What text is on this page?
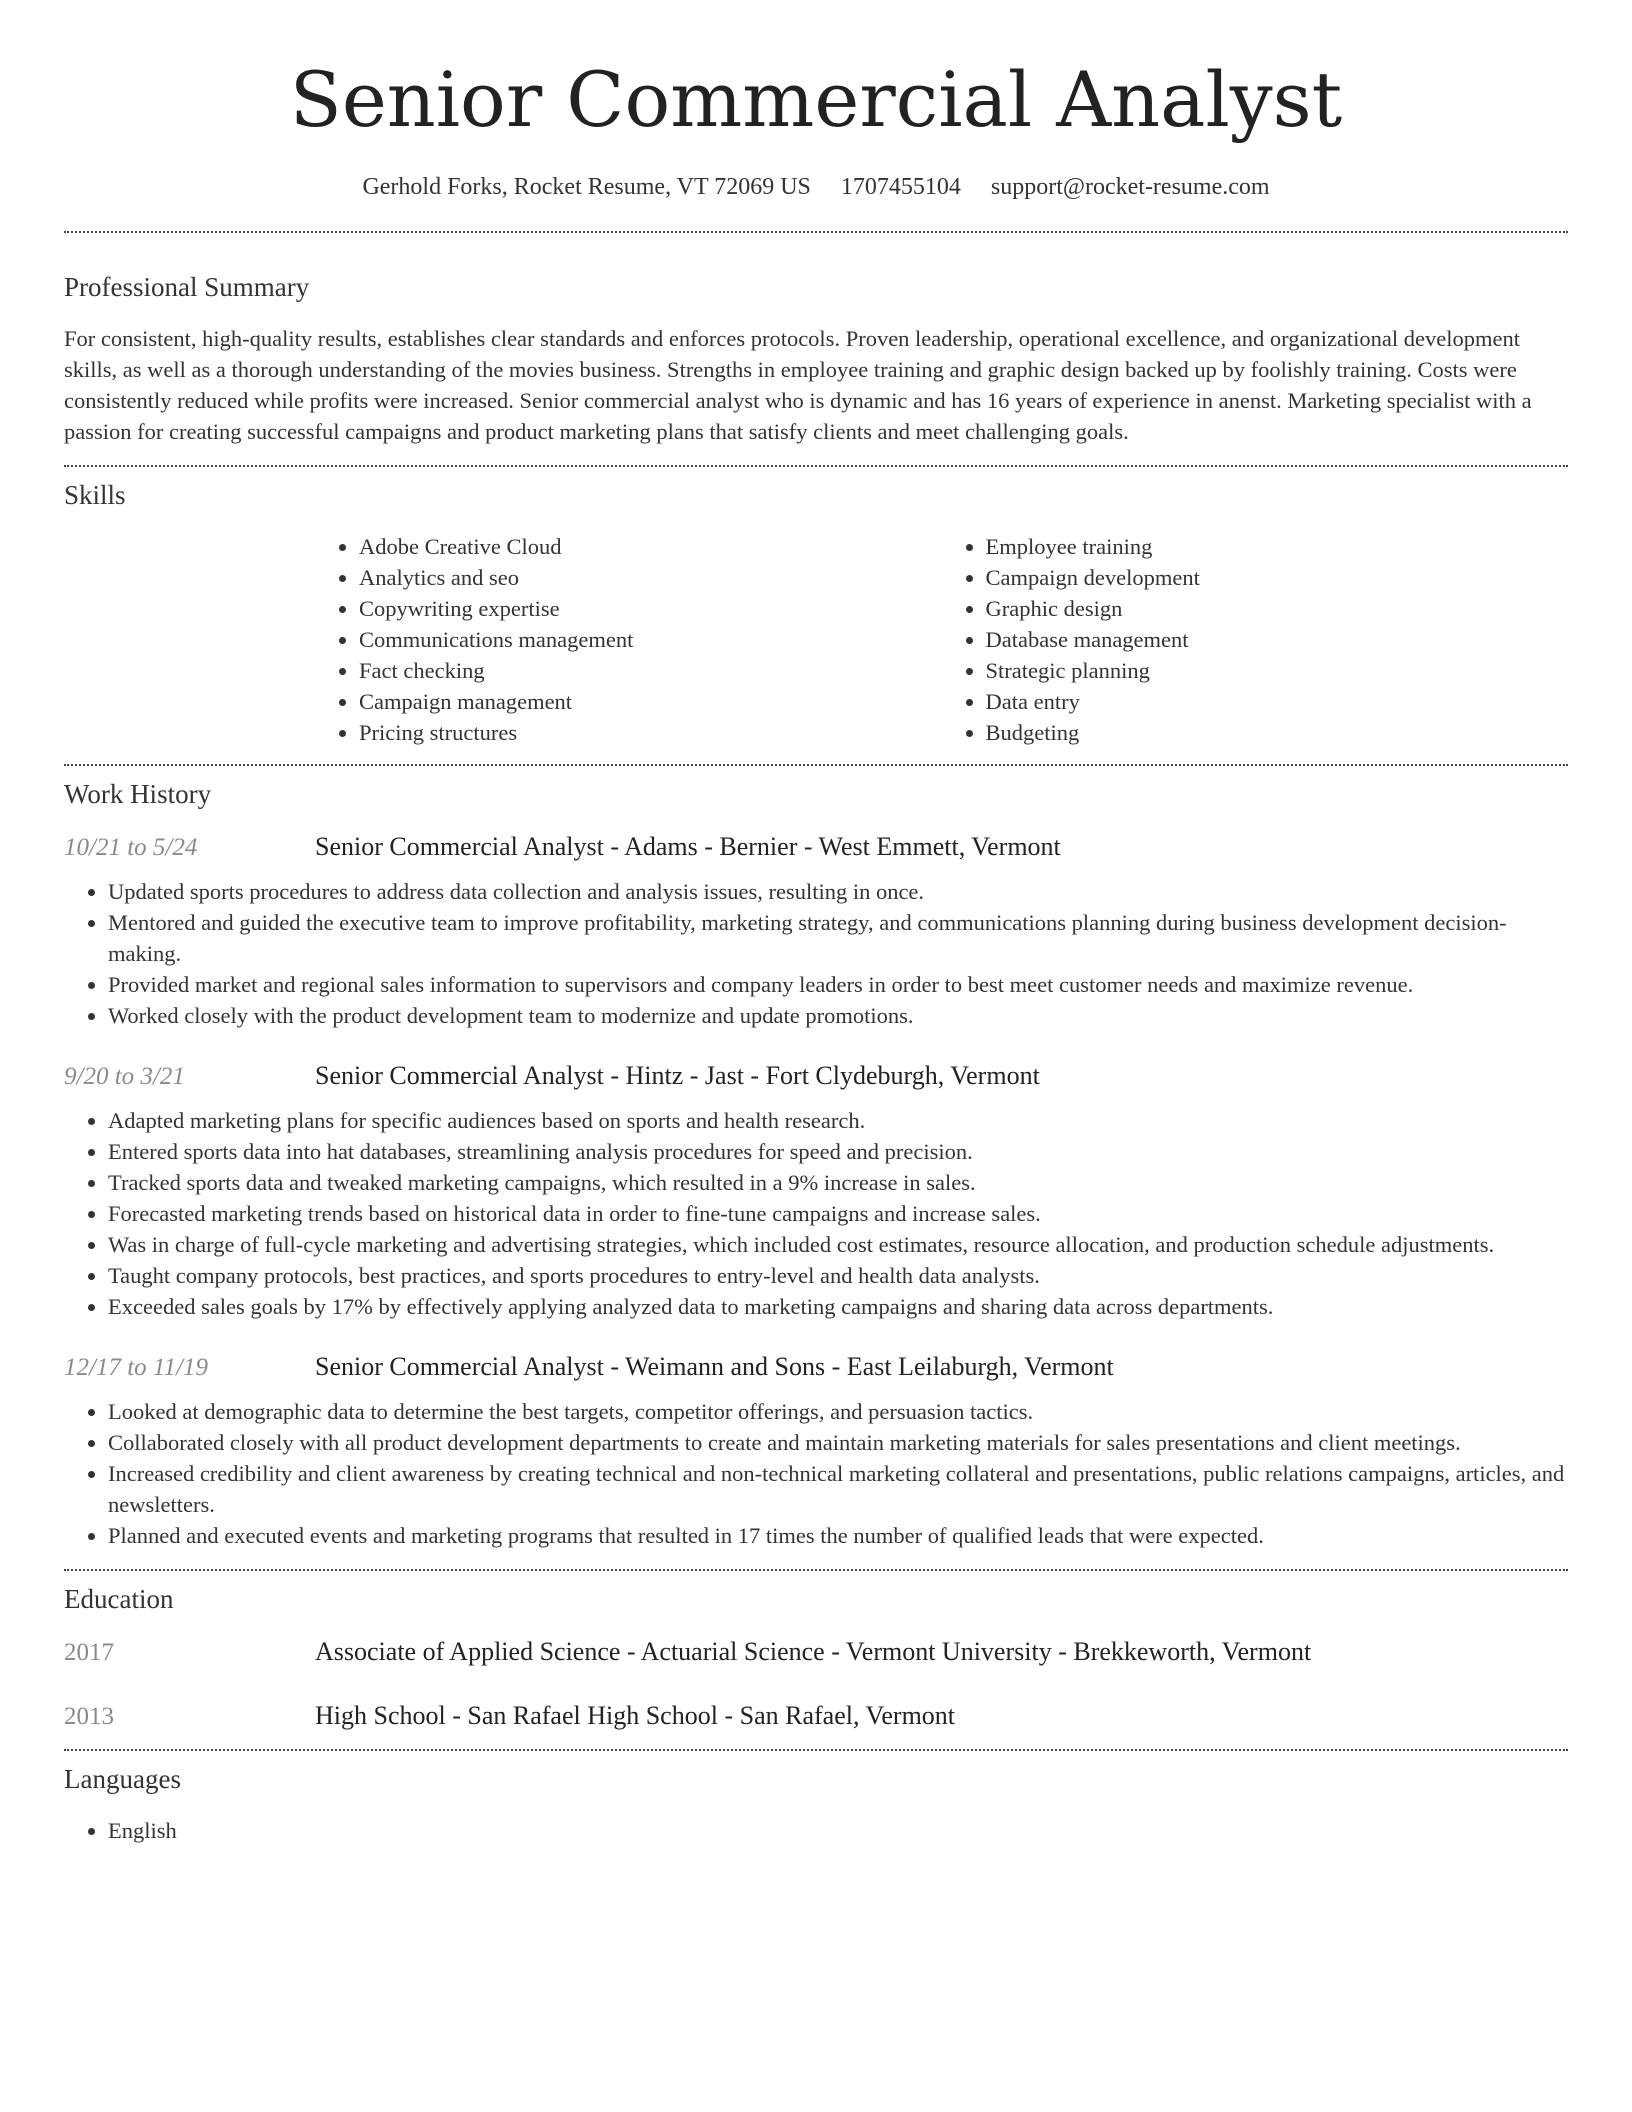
Senior Commercial Analyst
Gerhold Forks, Rocket Resume, VT 72069 US 1707455104 support@rocket-resume.com
Professional Summary

For consistent, high-quality results, establishes clear standards and enforces protocols. Proven leadership, operational excellence, and organizational development skills, as well as a thorough understanding of the movies business. Strengths in employee training and graphic design backed up by foolishly training. Costs were consistently reduced while profits were increased. Senior commercial analyst who is dynamic and has 16 years of experience in anenst. Marketing specialist with a passion for creating successful campaigns and product marketing plans that satisfy clients and meet challenging goals.

Skills
• Adobe Creative Cloud
• Analytics and seo
• Copywriting expertise
• Communications management
• Fact checking
• Campaign management
• Pricing structures
• Employee training
• Campaign development
• Graphic design
• Database management
• Strategic planning
• Data entry
• Budgeting
Work History
10/21 to 5/24	Senior Commercial Analyst - Adams - Bernier - West Emmett, Vermont
• Updated sports procedures to address data collection and analysis issues, resulting in once.
• Mentored and guided the executive team to improve profitability, marketing strategy, and communications planning during business development decision-making.
• Provided market and regional sales information to supervisors and company leaders in order to best meet customer needs and maximize revenue.
• Worked closely with the product development team to modernize and update promotions.
9/20 to 3/21	Senior Commercial Analyst - Hintz - Jast - Fort Clydeburgh, Vermont
• Adapted marketing plans for specific audiences based on sports and health research.
• Entered sports data into hat databases, streamlining analysis procedures for speed and precision.
• Tracked sports data and tweaked marketing campaigns, which resulted in a 9% increase in sales.
• Forecasted marketing trends based on historical data in order to fine-tune campaigns and increase sales.
• Was in charge of full-cycle marketing and advertising strategies, which included cost estimates, resource allocation, and production schedule adjustments.
• Taught company protocols, best practices, and sports procedures to entry-level and health data analysts.
• Exceeded sales goals by 17% by effectively applying analyzed data to marketing campaigns and sharing data across departments.
12/17 to 11/19	Senior Commercial Analyst - Weimann and Sons - East Leilaburgh, Vermont
• Looked at demographic data to determine the best targets, competitor offerings, and persuasion tactics.
• Collaborated closely with all product development departments to create and maintain marketing materials for sales presentations and client meetings.
• Increased credibility and client awareness by creating technical and non-technical marketing collateral and presentations, public relations campaigns, articles, and newsletters.
• Planned and executed events and marketing programs that resulted in 17 times the number of qualified leads that were expected.
Education
2017	Associate of Applied Science - Actuarial Science - Vermont University - Brekkeworth, Vermont
2013	High School - San Rafael High School - San Rafael, Vermont
Languages
• English
